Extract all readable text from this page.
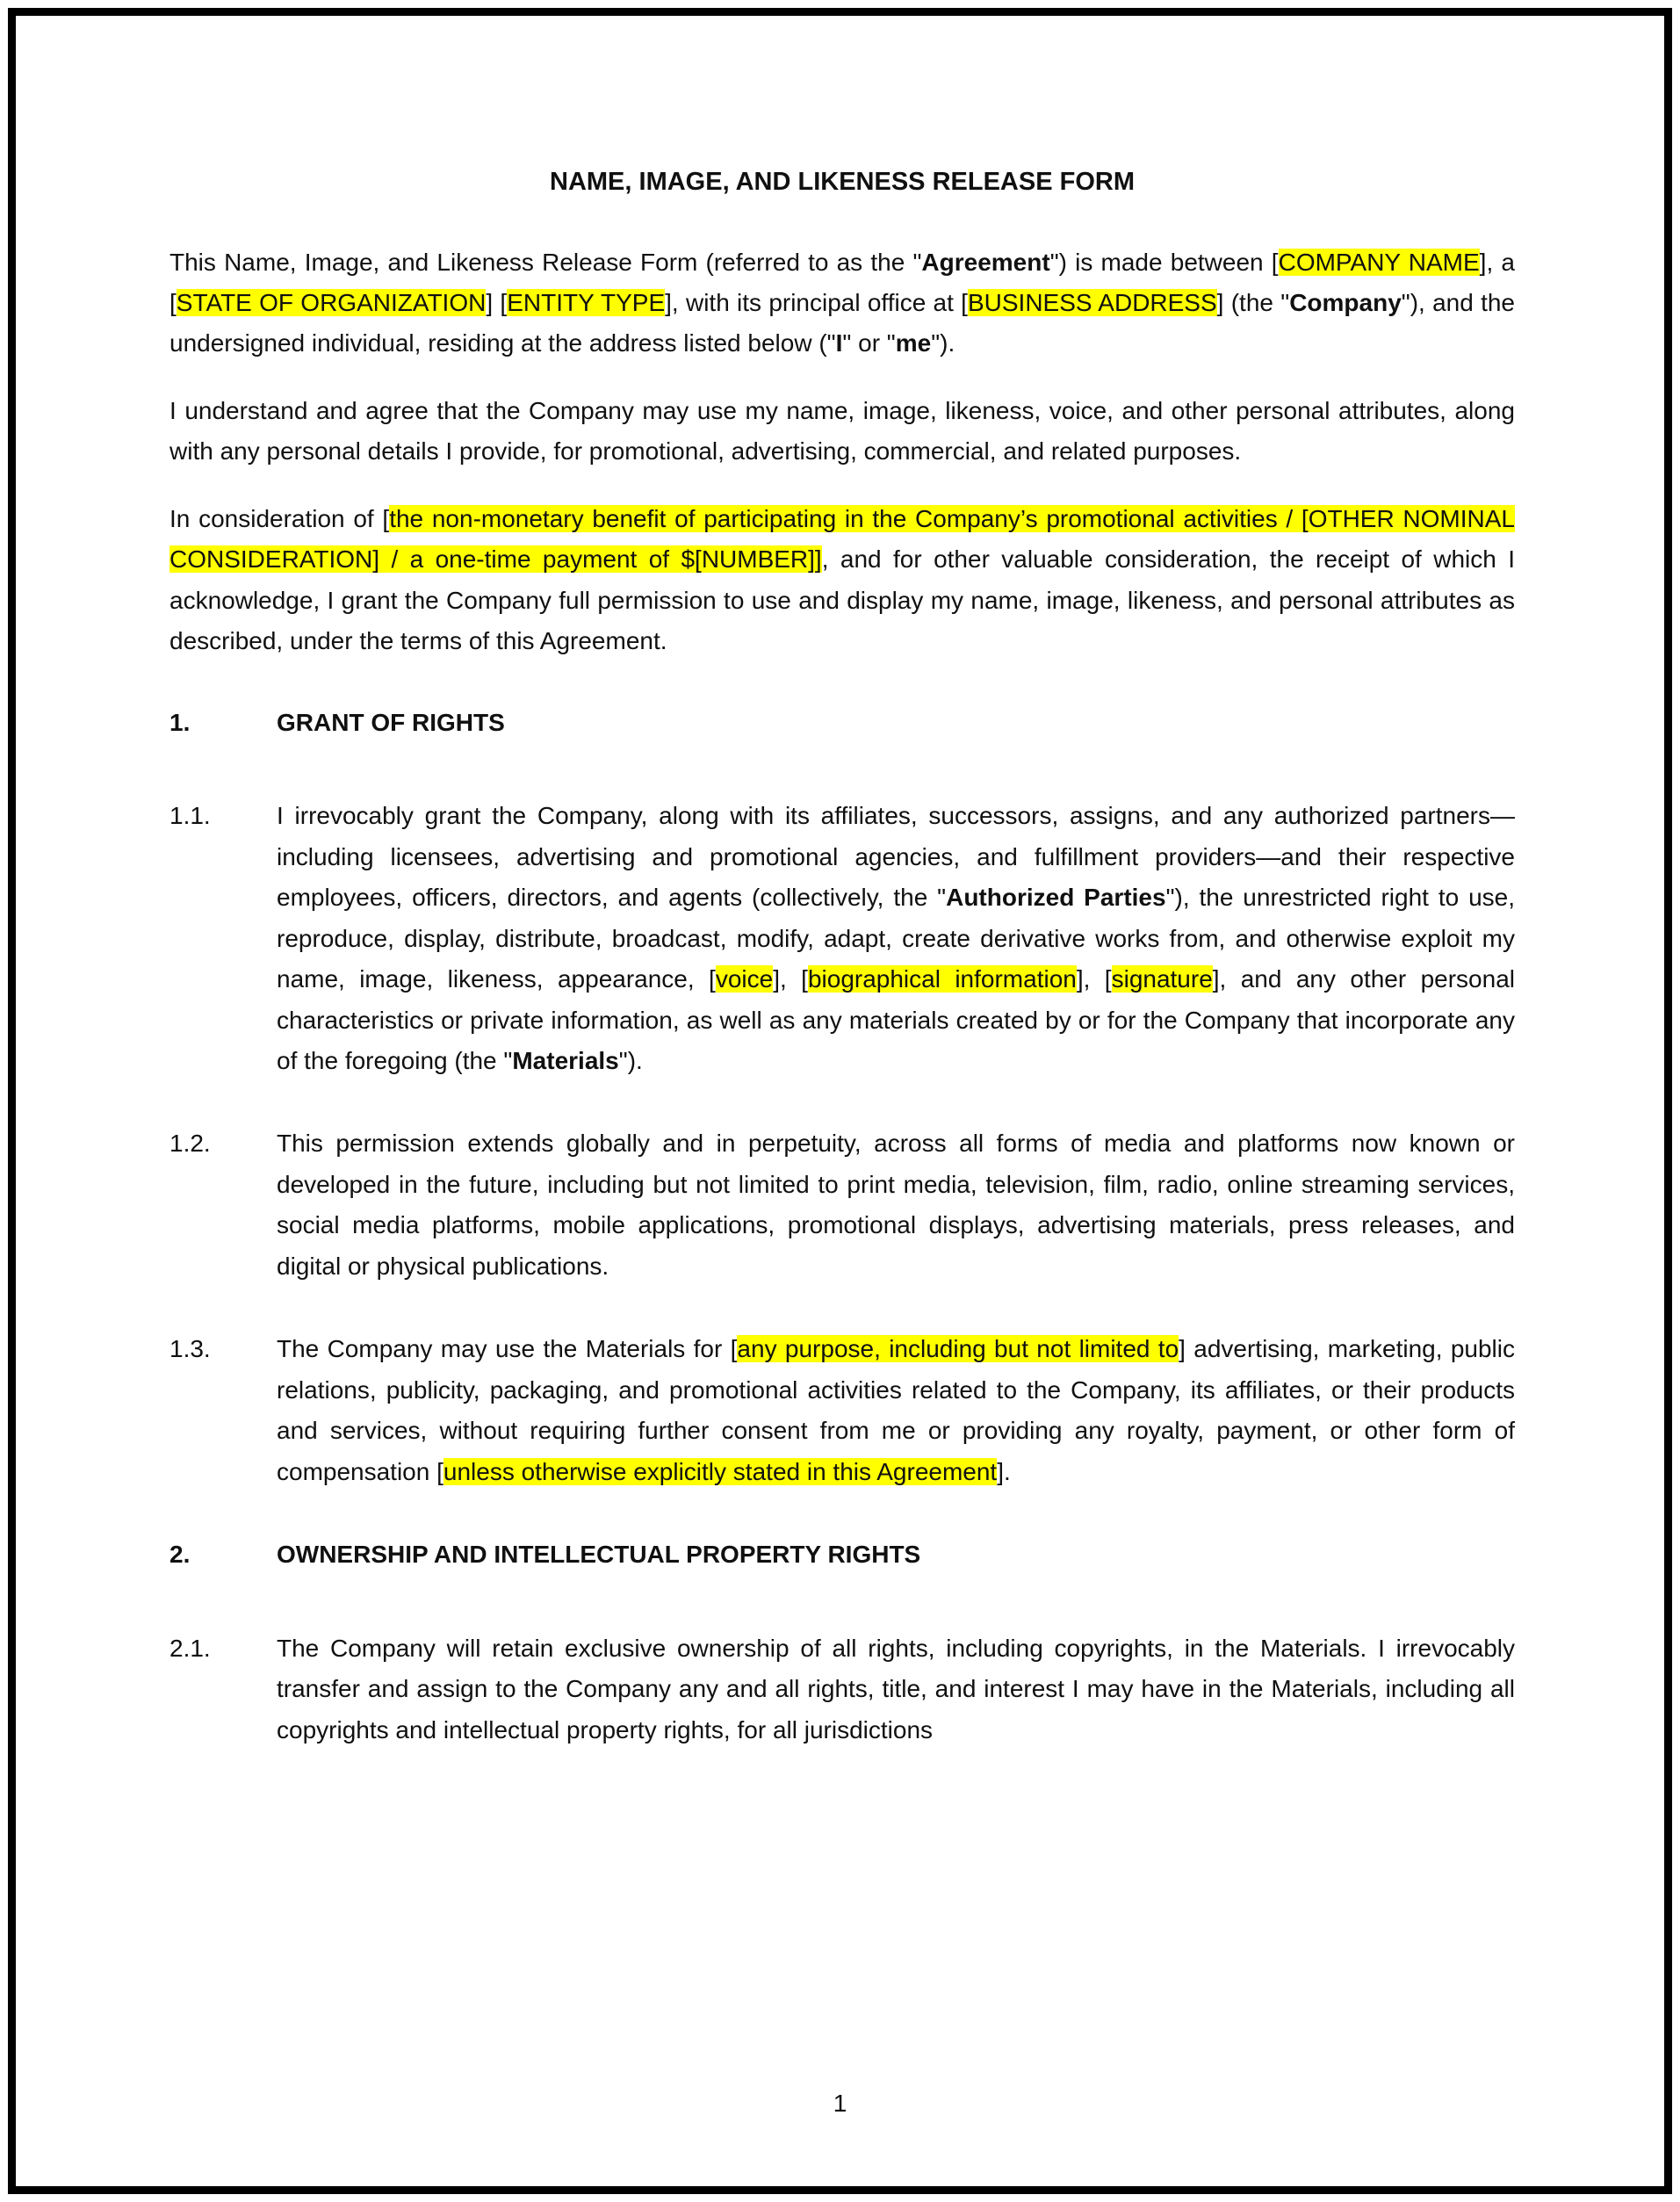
NAME, IMAGE, AND LIKENESS RELEASE FORM
This Name, Image, and Likeness Release Form (referred to as the "Agreement") is made between [COMPANY NAME], a [STATE OF ORGANIZATION] [ENTITY TYPE], with its principal office at [BUSINESS ADDRESS] (the "Company"), and the undersigned individual, residing at the address listed below ("I" or "me").
I understand and agree that the Company may use my name, image, likeness, voice, and other personal attributes, along with any personal details I provide, for promotional, advertising, commercial, and related purposes.
In consideration of [the non-monetary benefit of participating in the Company’s promotional activities / [OTHER NOMINAL CONSIDERATION] / a one-time payment of $[NUMBER]], and for other valuable consideration, the receipt of which I acknowledge, I grant the Company full permission to use and display my name, image, likeness, and personal attributes as described, under the terms of this Agreement.
1.	GRANT OF RIGHTS
1.1.	I irrevocably grant the Company, along with its affiliates, successors, assigns, and any authorized partners—including licensees, advertising and promotional agencies, and fulfillment providers—and their respective employees, officers, directors, and agents (collectively, the "Authorized Parties"), the unrestricted right to use, reproduce, display, distribute, broadcast, modify, adapt, create derivative works from, and otherwise exploit my name, image, likeness, appearance, [voice], [biographical information], [signature], and any other personal characteristics or private information, as well as any materials created by or for the Company that incorporate any of the foregoing (the "Materials").
1.2.	This permission extends globally and in perpetuity, across all forms of media and platforms now known or developed in the future, including but not limited to print media, television, film, radio, online streaming services, social media platforms, mobile applications, promotional displays, advertising materials, press releases, and digital or physical publications.
1.3.	The Company may use the Materials for [any purpose, including but not limited to] advertising, marketing, public relations, publicity, packaging, and promotional activities related to the Company, its affiliates, or their products and services, without requiring further consent from me or providing any royalty, payment, or other form of compensation [unless otherwise explicitly stated in this Agreement].
2.	OWNERSHIP AND INTELLECTUAL PROPERTY RIGHTS
2.1.	The Company will retain exclusive ownership of all rights, including copyrights, in the Materials. I irrevocably transfer and assign to the Company any and all rights, title, and interest I may have in the Materials, including all copyrights and intellectual property rights, for all jurisdictions
1
